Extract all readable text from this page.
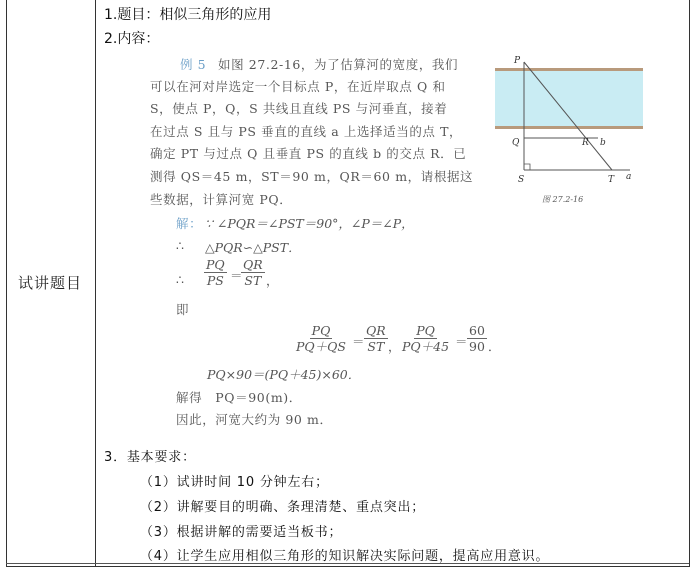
试讲题目
1.题目：相似三角形的应用
2.内容：
例 5 如图 27.2-16，为了估算河的宽度，我们
可以在河对岸选定一个目标点 P，在近岸取点 Q 和
S，使点 P，Q，S 共线且直线 PS 与河垂直，接着
在过点 S 且与 PS 垂直的直线 a 上选择适当的点 T，
确定 PT 与过点 Q 且垂直 PS 的直线 b 的交点 R．已
测得 QS＝45 m，ST＝90 m，QR＝60 m，请根据这
些数据，计算河宽 PQ．
P
Q	R b
S	T a
图 27.2-16
解： ∵ ∠PQR＝∠PST＝90°，∠P＝∠P，
∴ △PQR∽△PST．
∴ $\frac{PQ}{PS}$ ＝
$\frac{QR}{ST}$ ，
即
$\frac{PQ}{PQ+QS} = \frac{QR}{ST}$ ， $\frac{PQ}{PQ+45} = \frac{60}{90}$ ．
PQ×90＝(PQ＋45)×60．
解得　PQ＝90(m)．
因此，河宽大约为 90 m．
3．基本要求：
（1）试讲时间 10 分钟左右；
（2）讲解要目的明确、条理清楚、重点突出；
（3）根据讲解的需要适当板书；
（4）让学生应用相似三角形的知识解决实际问题，提高应用意识。
